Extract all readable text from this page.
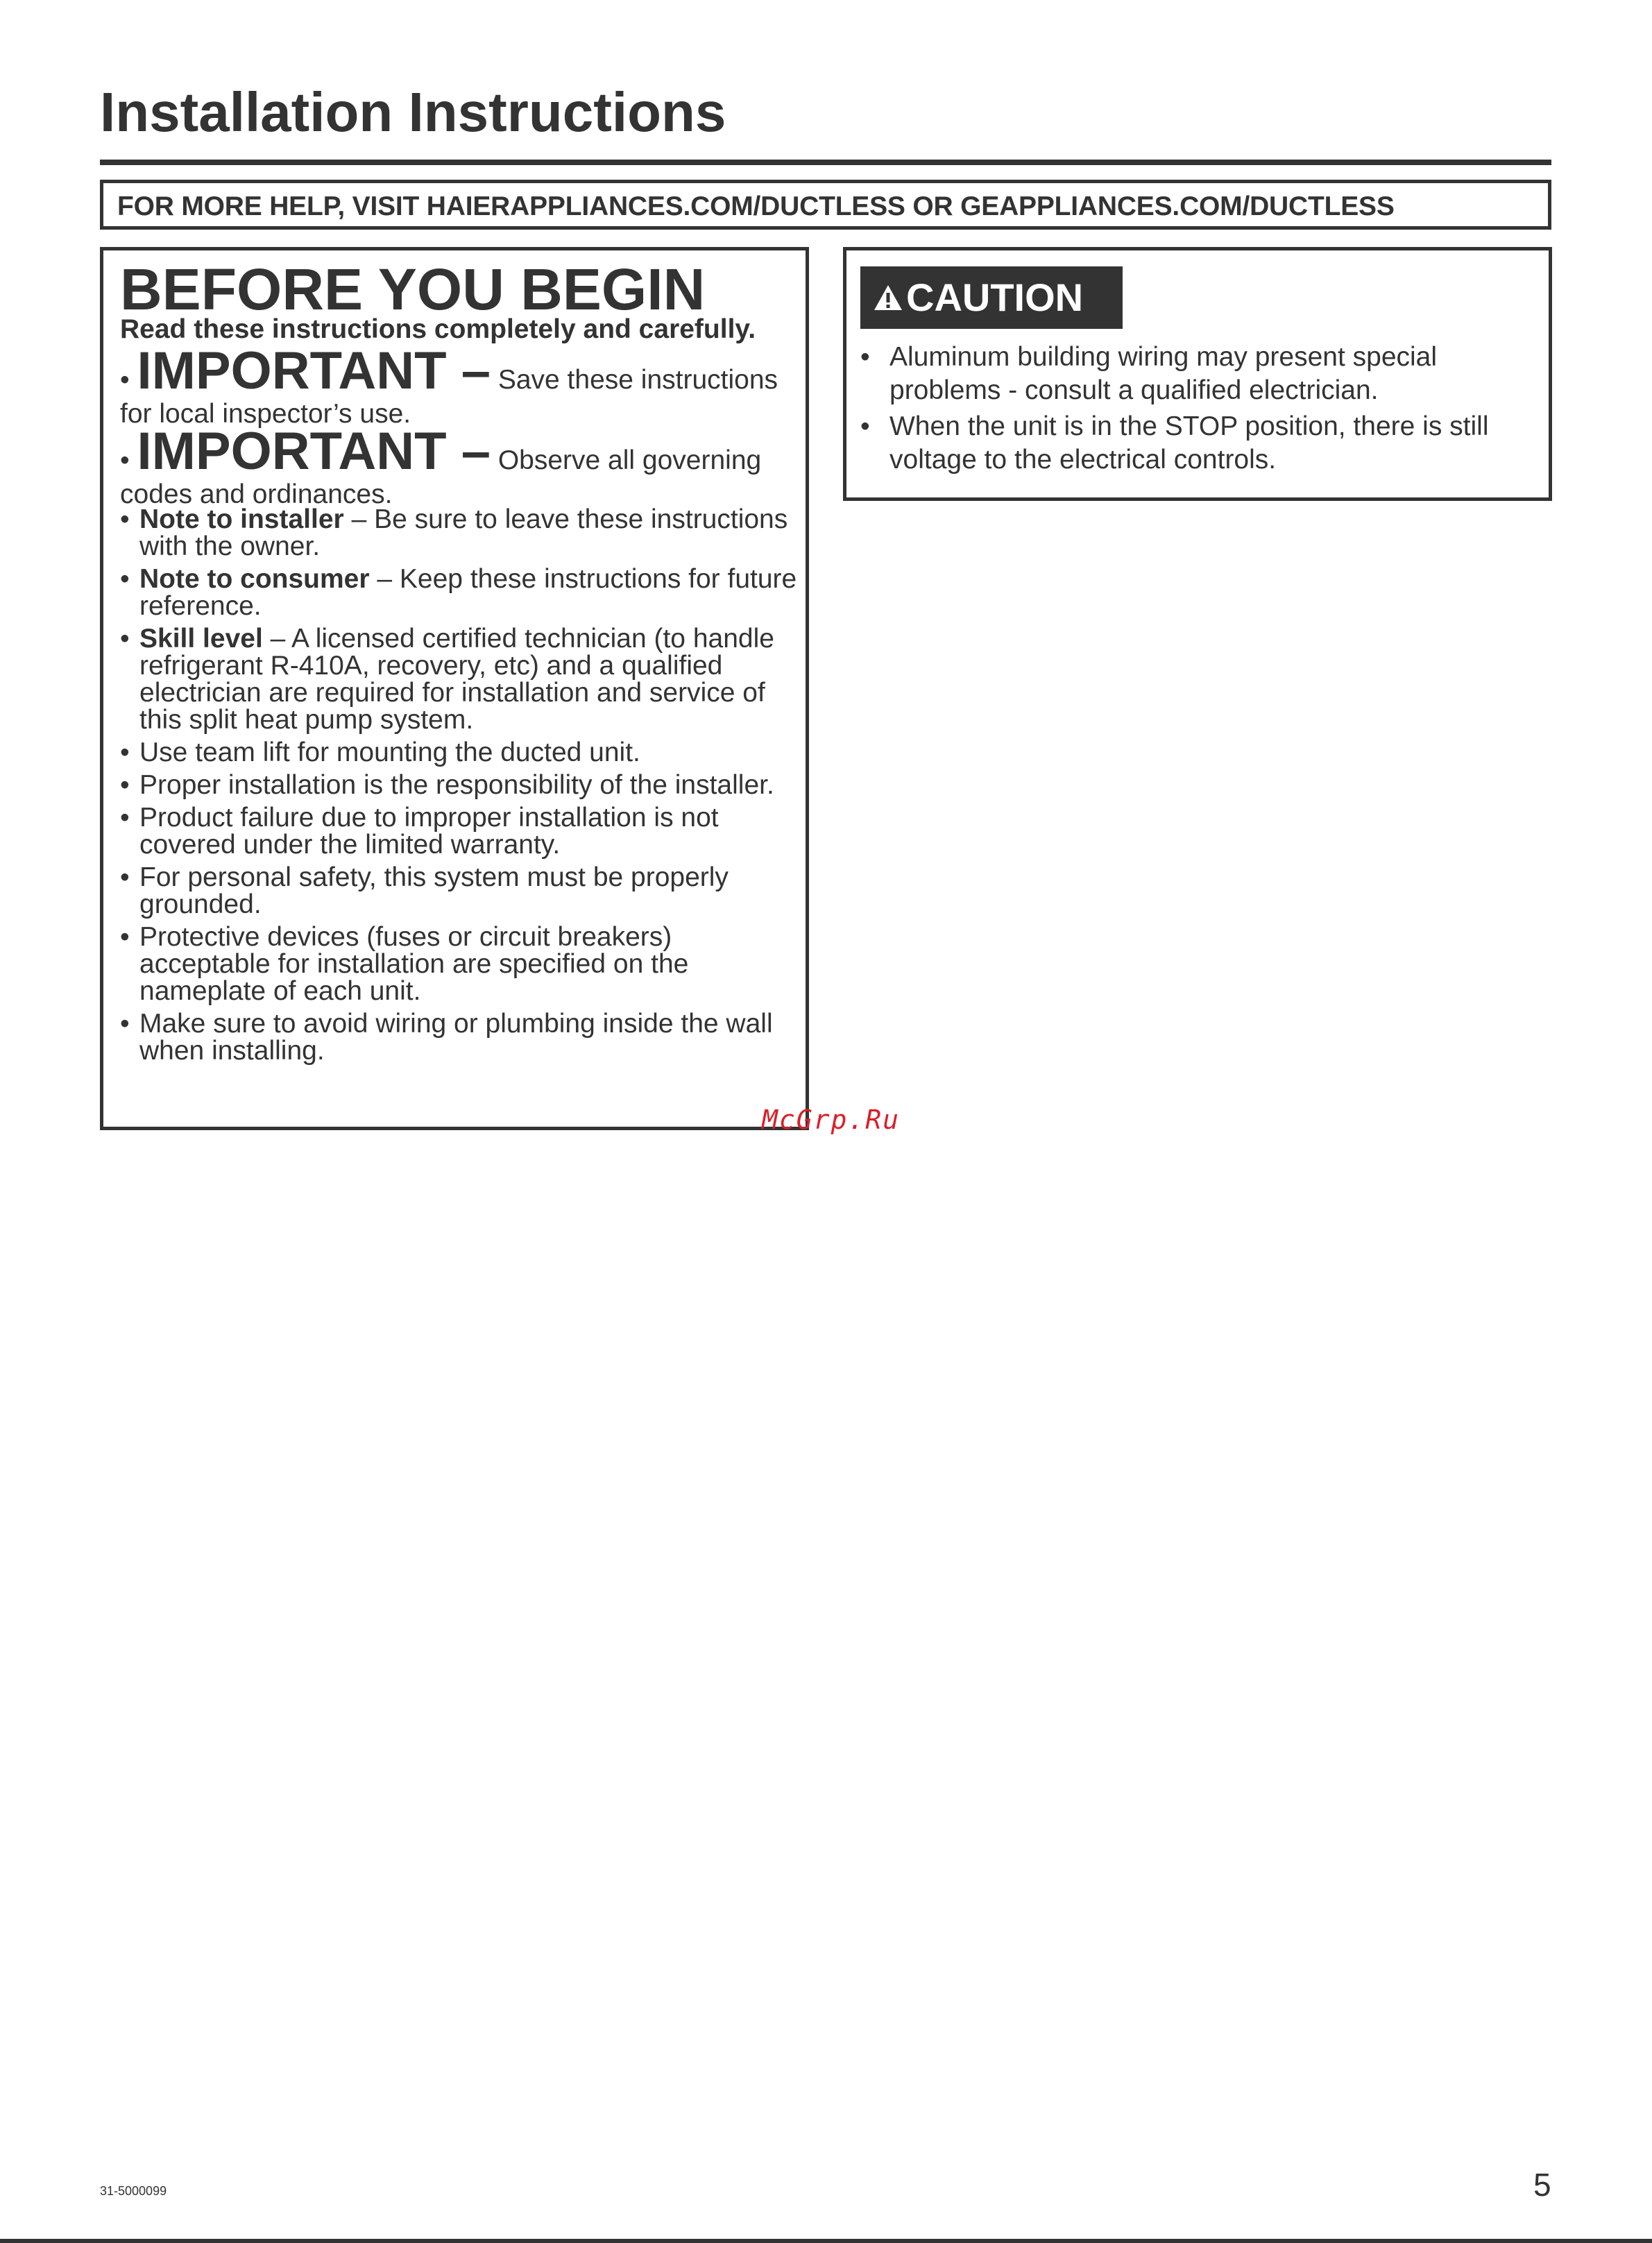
Installation Instructions
FOR MORE HELP, VISIT HAIERAPPLIANCES.COM/DUCTLESS OR GEAPPLIANCES.COM/DUCTLESS
BEFORE YOU BEGIN
Read these instructions completely and carefully.
• IMPORTANT – Save these instructions for local inspector’s use.
• IMPORTANT – Observe all governing codes and ordinances.
• Note to installer – Be sure to leave these instructions with the owner.
• Note to consumer – Keep these instructions for future reference.
• Skill level – A licensed certified technician (to handle refrigerant R-410A, recovery, etc) and a qualified electrician are required for installation and service of this split heat pump system.
• Use team lift for mounting the ducted unit.
• Proper installation is the responsibility of the installer.
• Product failure due to improper installation is not covered under the limited warranty.
• For personal safety, this system must be properly grounded.
• Protective devices (fuses or circuit breakers) acceptable for installation are specified on the nameplate of each unit.
• Make sure to avoid wiring or plumbing inside the wall when installing.
CAUTION
• Aluminum building wiring may present special problems - consult a qualified electrician.
• When the unit is in the STOP position, there is still voltage to the electrical controls.
McGrp.Ru
31-5000099	5
